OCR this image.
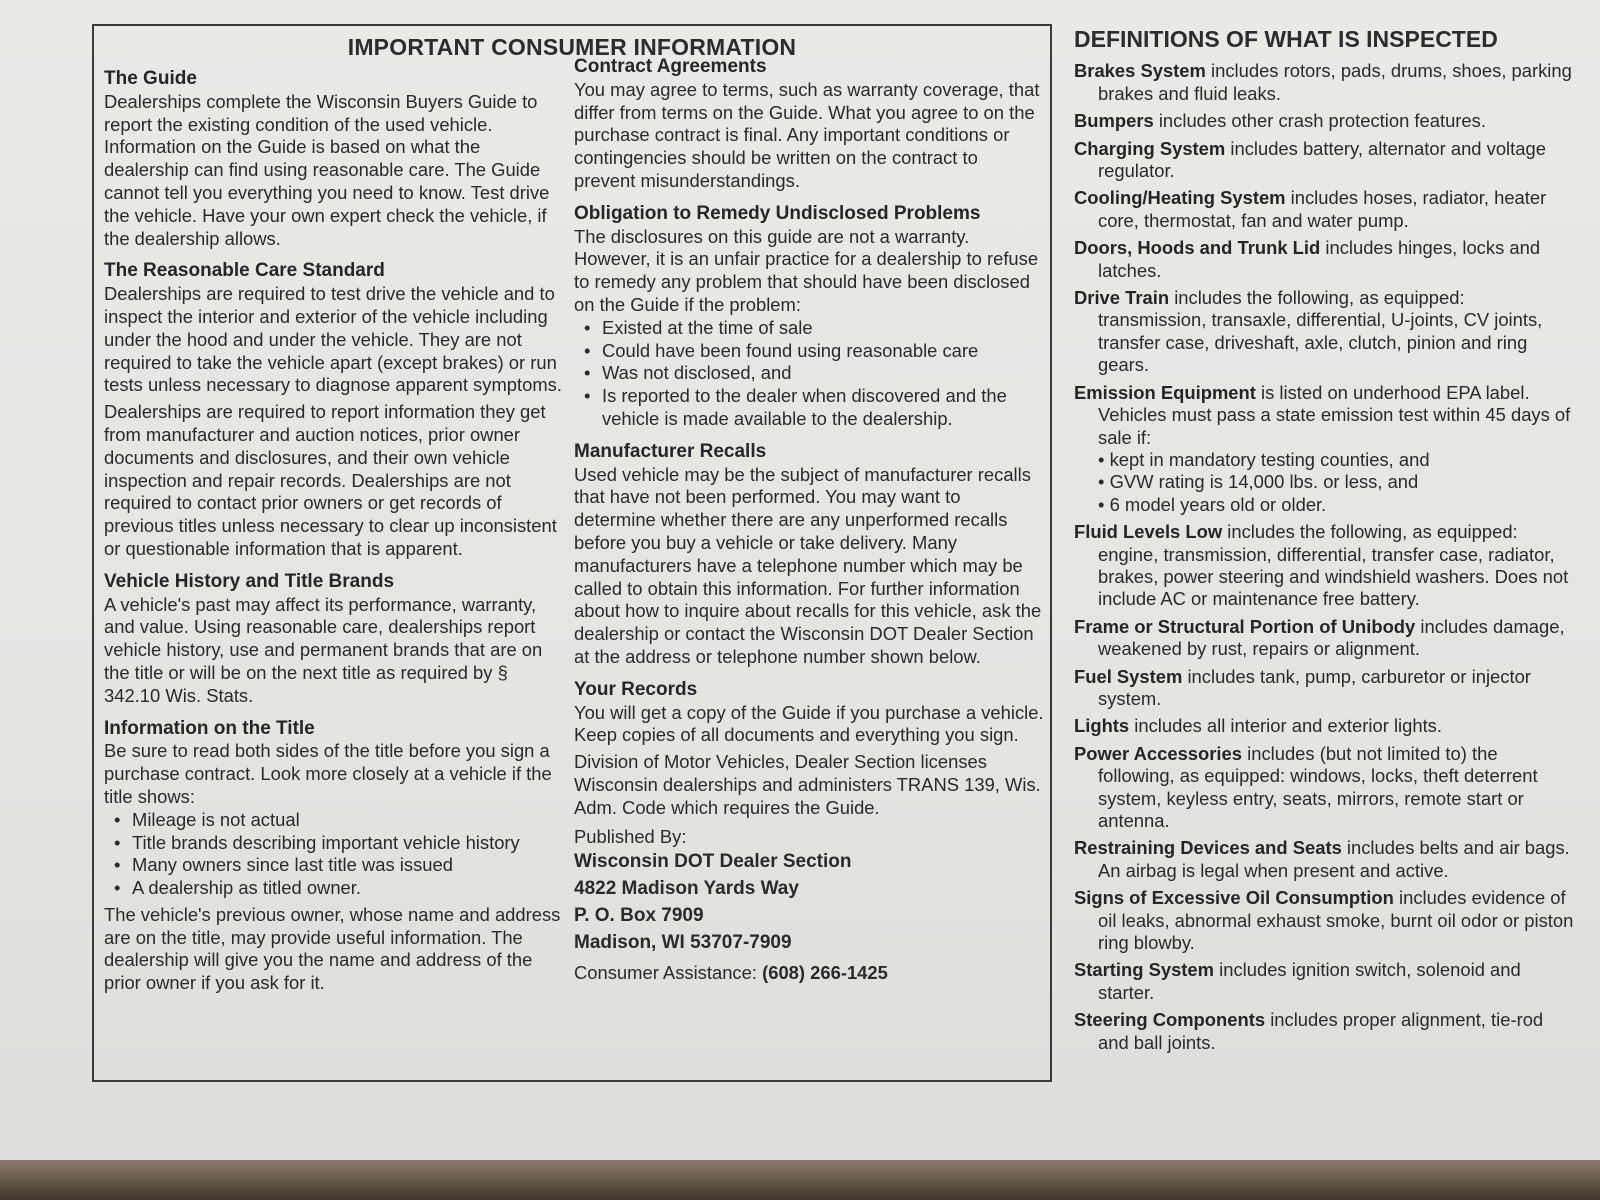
IMPORTANT CONSUMER INFORMATION

The Guide

Dealerships complete the Wisconsin Buyers Guide to report the existing condition of the used vehicle. Information on the Guide is based on what the dealership can find using reasonable care. The Guide cannot tell you everything you need to know. Test drive the vehicle. Have your own expert check the vehicle, if the dealership allows.

The Reasonable Care Standard

Dealerships are required to test drive the vehicle and to inspect the interior and exterior of the vehicle including under the hood and under the vehicle. They are not required to take the vehicle apart (except brakes) or run tests unless necessary to diagnose apparent symptoms.

Dealerships are required to report information they get from manufacturer and auction notices, prior owner documents and disclosures, and their own vehicle inspection and repair records. Dealerships are not required to contact prior owners or get records of previous titles unless necessary to clear up inconsistent or questionable information that is apparent.

Vehicle History and Title Brands

A vehicle's past may affect its performance, warranty, and value. Using reasonable care, dealerships report vehicle history, use and permanent brands that are on the title or will be on the next title as required by § 342.10 Wis. Stats.

Information on the Title

Be sure to read both sides of the title before you sign a purchase contract. Look more closely at a vehicle if the title shows:

• Mileage is not actual

• Title brands describing important vehicle history

• Many owners since last title was issued

• A dealership as titled owner.

The vehicle's previous owner, whose name and address are on the title, may provide useful information. The dealership will give you the name and address of the prior owner if you ask for it.

Contract Agreements

You may agree to terms, such as warranty coverage, that differ from terms on the Guide. What you agree to on the purchase contract is final. Any important conditions or contingencies should be written on the contract to prevent misunderstandings.

Obligation to Remedy Undisclosed Problems

The disclosures on this guide are not a warranty. However, it is an unfair practice for a dealership to refuse to remedy any problem that should have been disclosed on the Guide if the problem:

• Existed at the time of sale

• Could have been found using reasonable care

• Was not disclosed, and

• Is reported to the dealer when discovered and the vehicle is made available to the dealership.

Manufacturer Recalls

Used vehicle may be the subject of manufacturer recalls that have not been performed. You may want to determine whether there are any unperformed recalls before you buy a vehicle or take delivery. Many manufacturers have a telephone number which may be called to obtain this information. For further information about how to inquire about recalls for this vehicle, ask the dealership or contact the Wisconsin DOT Dealer Section at the address or telephone number shown below.

Your Records

You will get a copy of the Guide if you purchase a vehicle. Keep copies of all documents and everything you sign.

Division of Motor Vehicles, Dealer Section licenses Wisconsin dealerships and administers TRANS 139, Wis. Adm. Code which requires the Guide.

Published By:

Wisconsin DOT Dealer Section

4822 Madison Yards Way

P. O. Box 7909

Madison, WI 53707-7909

Consumer Assistance: (608) 266-1425

DEFINITIONS OF WHAT IS INSPECTED
Brakes System includes rotors, pads, drums, shoes, parking brakes and fluid leaks.
Bumpers includes other crash protection features.
Charging System includes battery, alternator and voltage regulator.
Cooling/Heating System includes hoses, radiator, heater core, thermostat, fan and water pump.
Doors, Hoods and Trunk Lid includes hinges, locks and latches.
Drive Train includes the following, as equipped: transmission, transaxle, differential, U-joints, CV joints, transfer case, driveshaft, axle, clutch, pinion and ring gears.
Emission Equipment is listed on underhood EPA label. Vehicles must pass a state emission test within 45 days of sale if:
• kept in mandatory testing counties, and
• GVW rating is 14,000 lbs. or less, and
• 6 model years old or older.
Fluid Levels Low includes the following, as equipped: engine, transmission, differential, transfer case, radiator, brakes, power steering and windshield washers. Does not include AC or maintenance free battery.
Frame or Structural Portion of Unibody includes damage, weakened by rust, repairs or alignment.
Fuel System includes tank, pump, carburetor or injector system.
Lights includes all interior and exterior lights.
Power Accessories includes (but not limited to) the following, as equipped: windows, locks, theft deterrent system, keyless entry, seats, mirrors, remote start or antenna.
Restraining Devices and Seats includes belts and air bags. An airbag is legal when present and active.
Signs of Excessive Oil Consumption includes evidence of oil leaks, abnormal exhaust smoke, burnt oil odor or piston ring blowby.
Starting System includes ignition switch, solenoid and starter.
Steering Components includes proper alignment, tie-rod and ball joints.
